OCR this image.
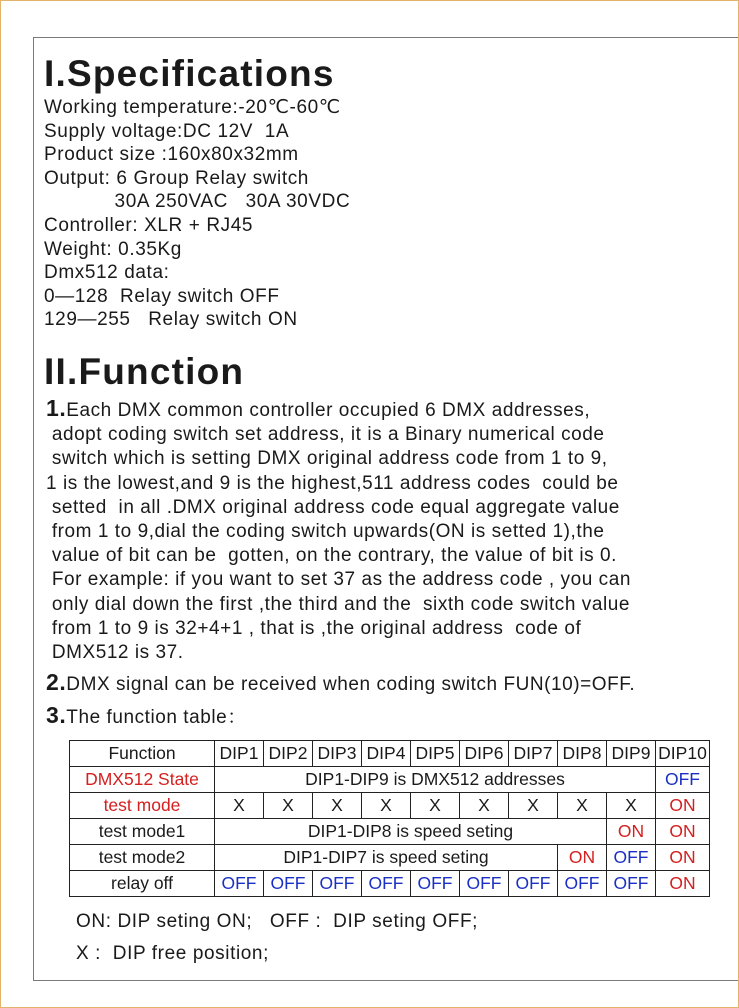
I.Specifications
Working temperature:-20℃-60℃
Supply voltage:DC 12V  1A
Product size :160x80x32mm
Output: 6 Group Relay switch
30A 250VAC   30A 30VDC
Controller: XLR + RJ45
Weight: 0.35Kg
Dmx512 data:
0—128  Relay switch OFF
129—255   Relay switch ON
II.Function
1.Each DMX common controller occupied 6 DMX addresses,
adopt coding switch set address, it is a Binary numerical code
switch which is setting DMX original address code from 1 to 9,
1 is the lowest,and 9 is the highest,511 address codes  could be
setted  in all .DMX original address code equal aggregate value
from 1 to 9,dial the coding switch upwards(ON is setted 1),the
value of bit can be  gotten, on the contrary, the value of bit is 0.
For example: if you want to set 37 as the address code , you can
only dial down the first ,the third and the  sixth code switch value
from 1 to 9 is 32+4+1 , that is ,the original address  code of
DMX512 is 37.
2.DMX signal can be received when coding switch FUN(10)=OFF.
3.The function table：
Function	DIP1	DIP2	DIP3	DIP4	DIP5	DIP6	DIP7	DIP8	DIP9	DIP10
DMX512 State	DIP1-DIP9 is DMX512 addresses									OFF
test mode	X	X	X	X	X	X	X	X	X	ON
test mode1	DIP1-DIP8 is speed seting								ON	ON
test mode2	DIP1-DIP7 is speed seting							ON	OFF	ON
relay off	OFF	OFF	OFF	OFF	OFF	OFF	OFF	OFF	OFF	ON
ON: DIP seting ON;   OFF :  DIP seting OFF;
X :  DIP free position;
